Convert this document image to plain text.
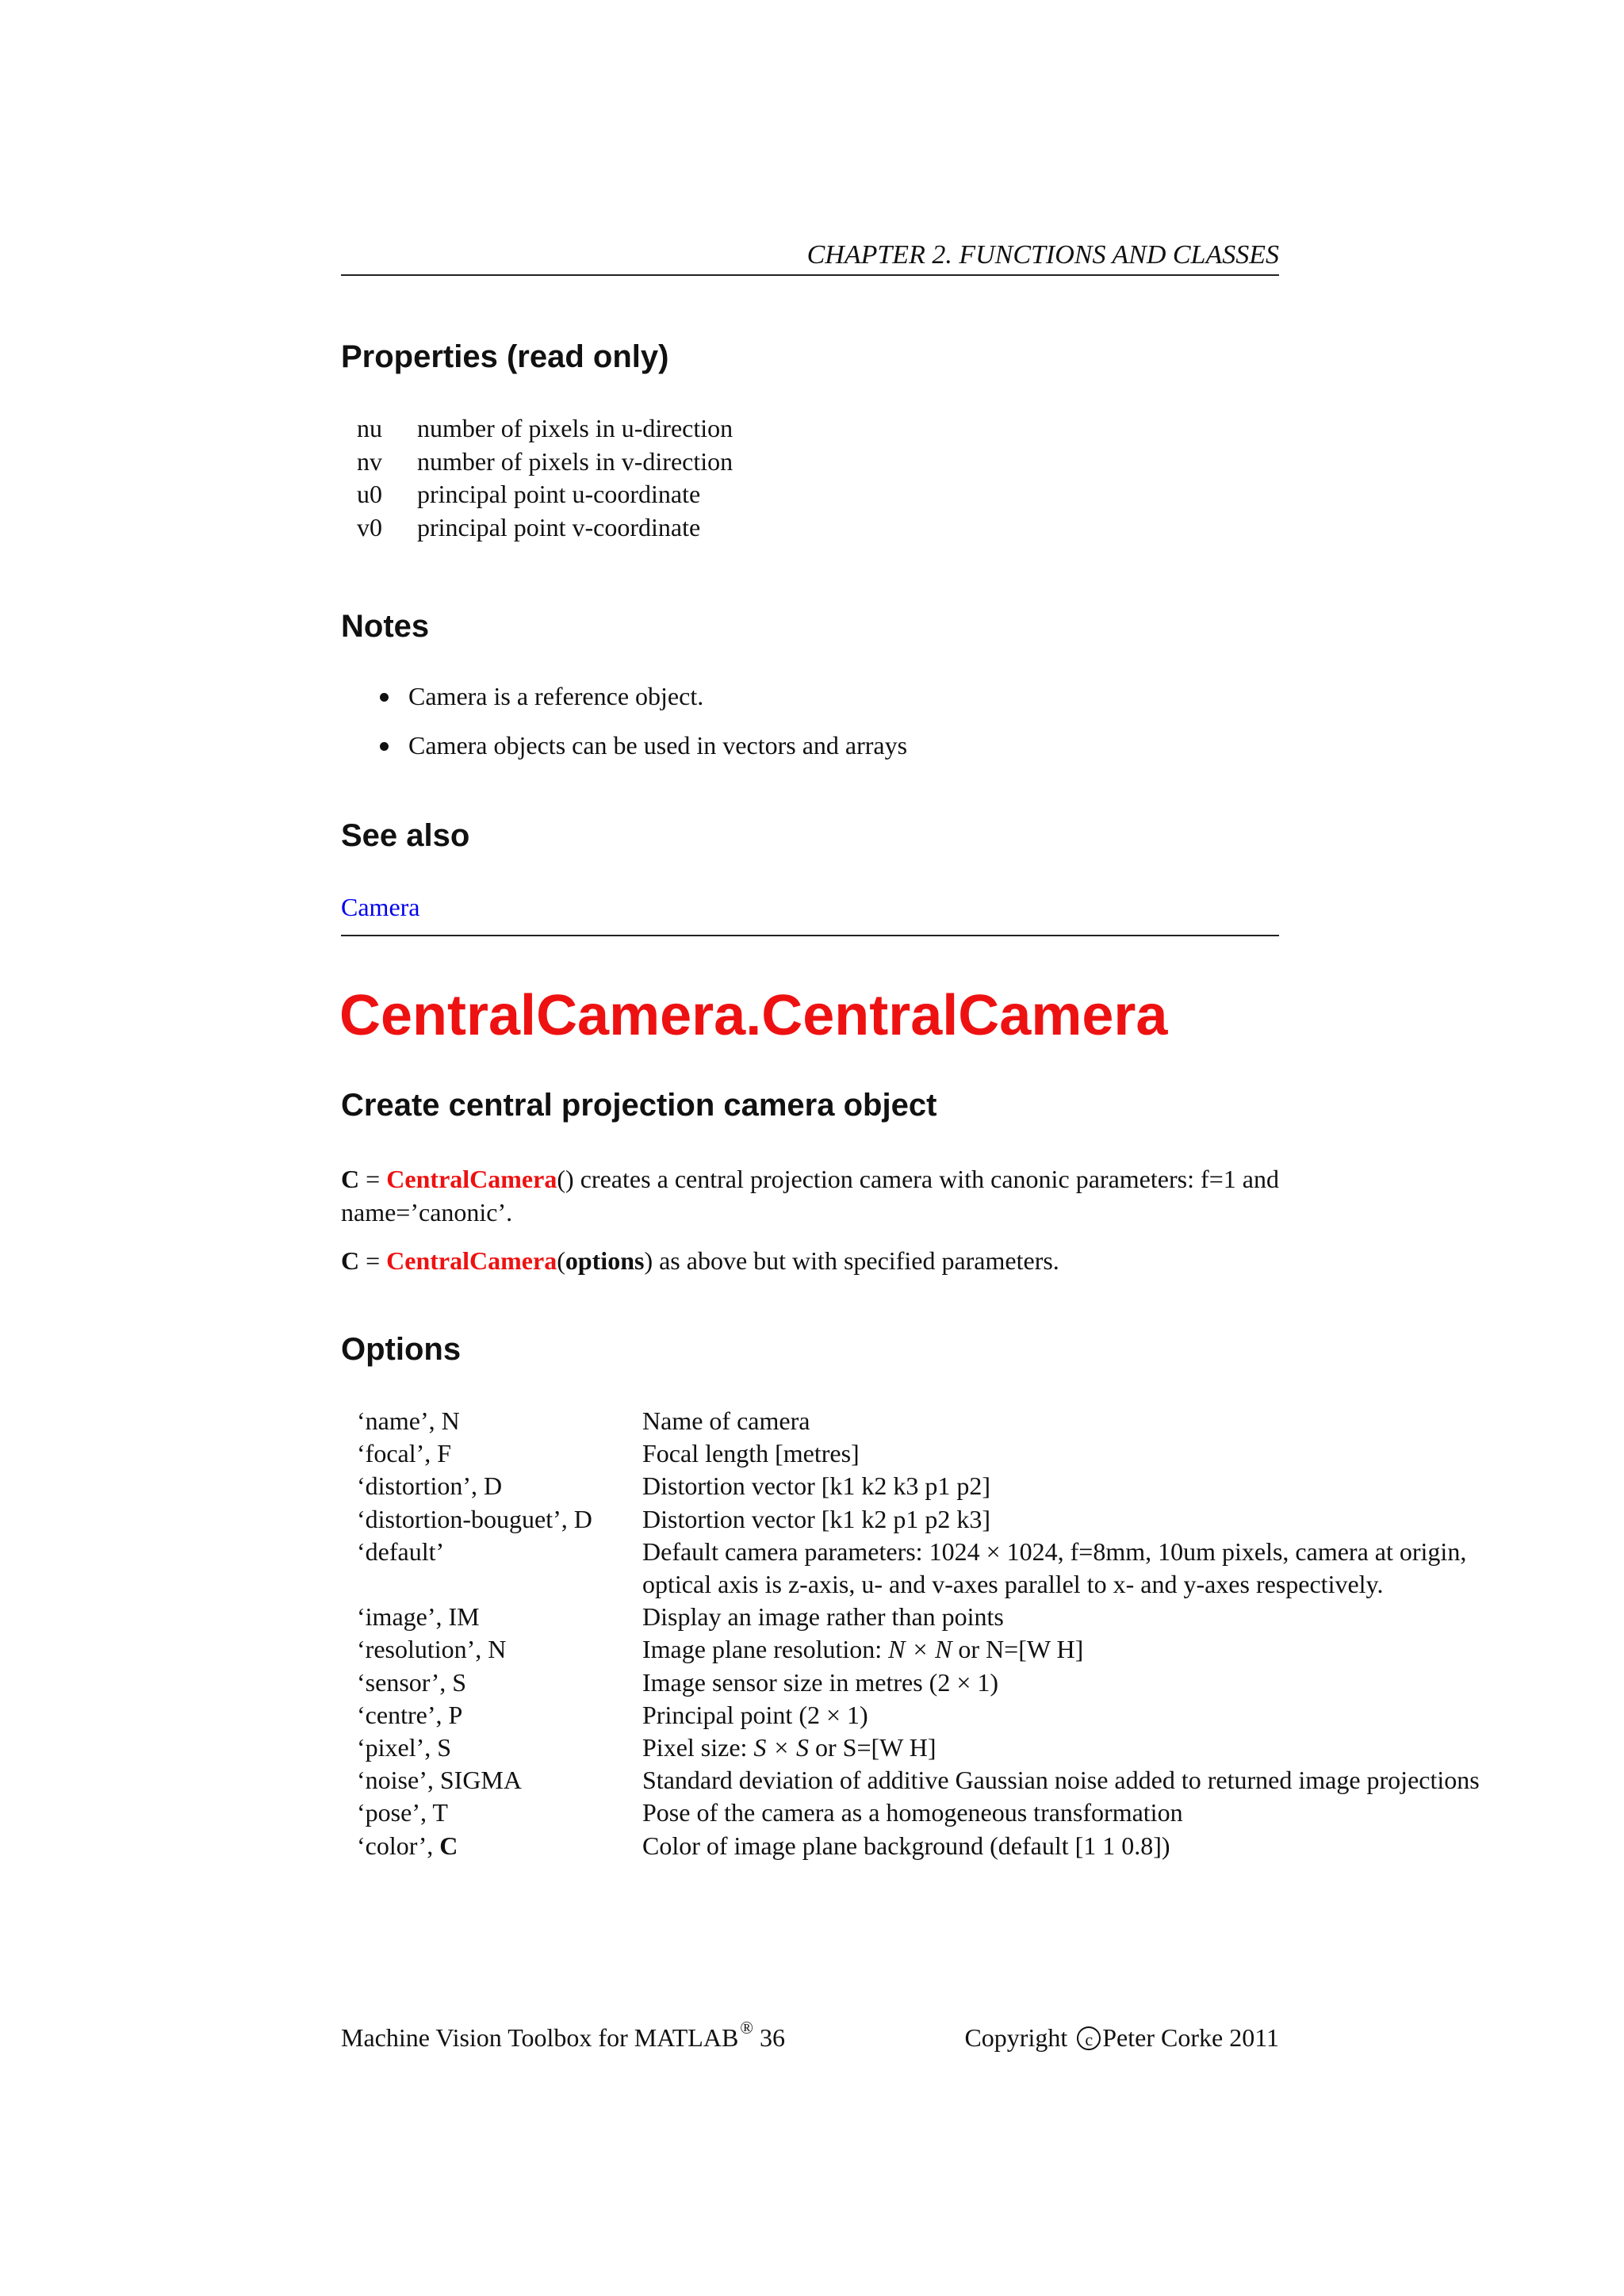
CHAPTER 2. FUNCTIONS AND CLASSES
Properties (read only)
nu	number of pixels in u-direction
nv	number of pixels in v-direction
u0	principal point u-coordinate
v0	principal point v-coordinate
Notes
Camera is a reference object.
Camera objects can be used in vectors and arrays
See also
Camera
CentralCamera.CentralCamera
Create central projection camera object
C = CentralCamera() creates a central projection camera with canonic parameters: f=1 and name=’canonic’.
C = CentralCamera(options) as above but with specified parameters.
Options
‘name’, N	Name of camera
‘focal’, F	Focal length [metres]
‘distortion’, D	Distortion vector [k1 k2 k3 p1 p2]
‘distortion-bouguet’, D	Distortion vector [k1 k2 p1 p2 k3]
‘default’	Default camera parameters: 1024 × 1024, f=8mm, 10um pixels, camera at origin,
optical axis is z-axis, u- and v-axes parallel to x- and y-axes respectively.
‘image’, IM	Display an image rather than points
‘resolution’, N	Image plane resolution: N × N or N=[W H]
‘sensor’, S	Image sensor size in metres (2 × 1)
‘centre’, P	Principal point (2 × 1)
‘pixel’, S	Pixel size: S × S or S=[W H]
‘noise’, SIGMA	Standard deviation of additive Gaussian noise added to returned image projections
‘pose’, T	Pose of the camera as a homogeneous transformation
‘color’, C	Color of image plane background (default [1 1 0.8])
Machine Vision Toolbox for MATLAB® 36	Copyright c Peter Corke 2011
